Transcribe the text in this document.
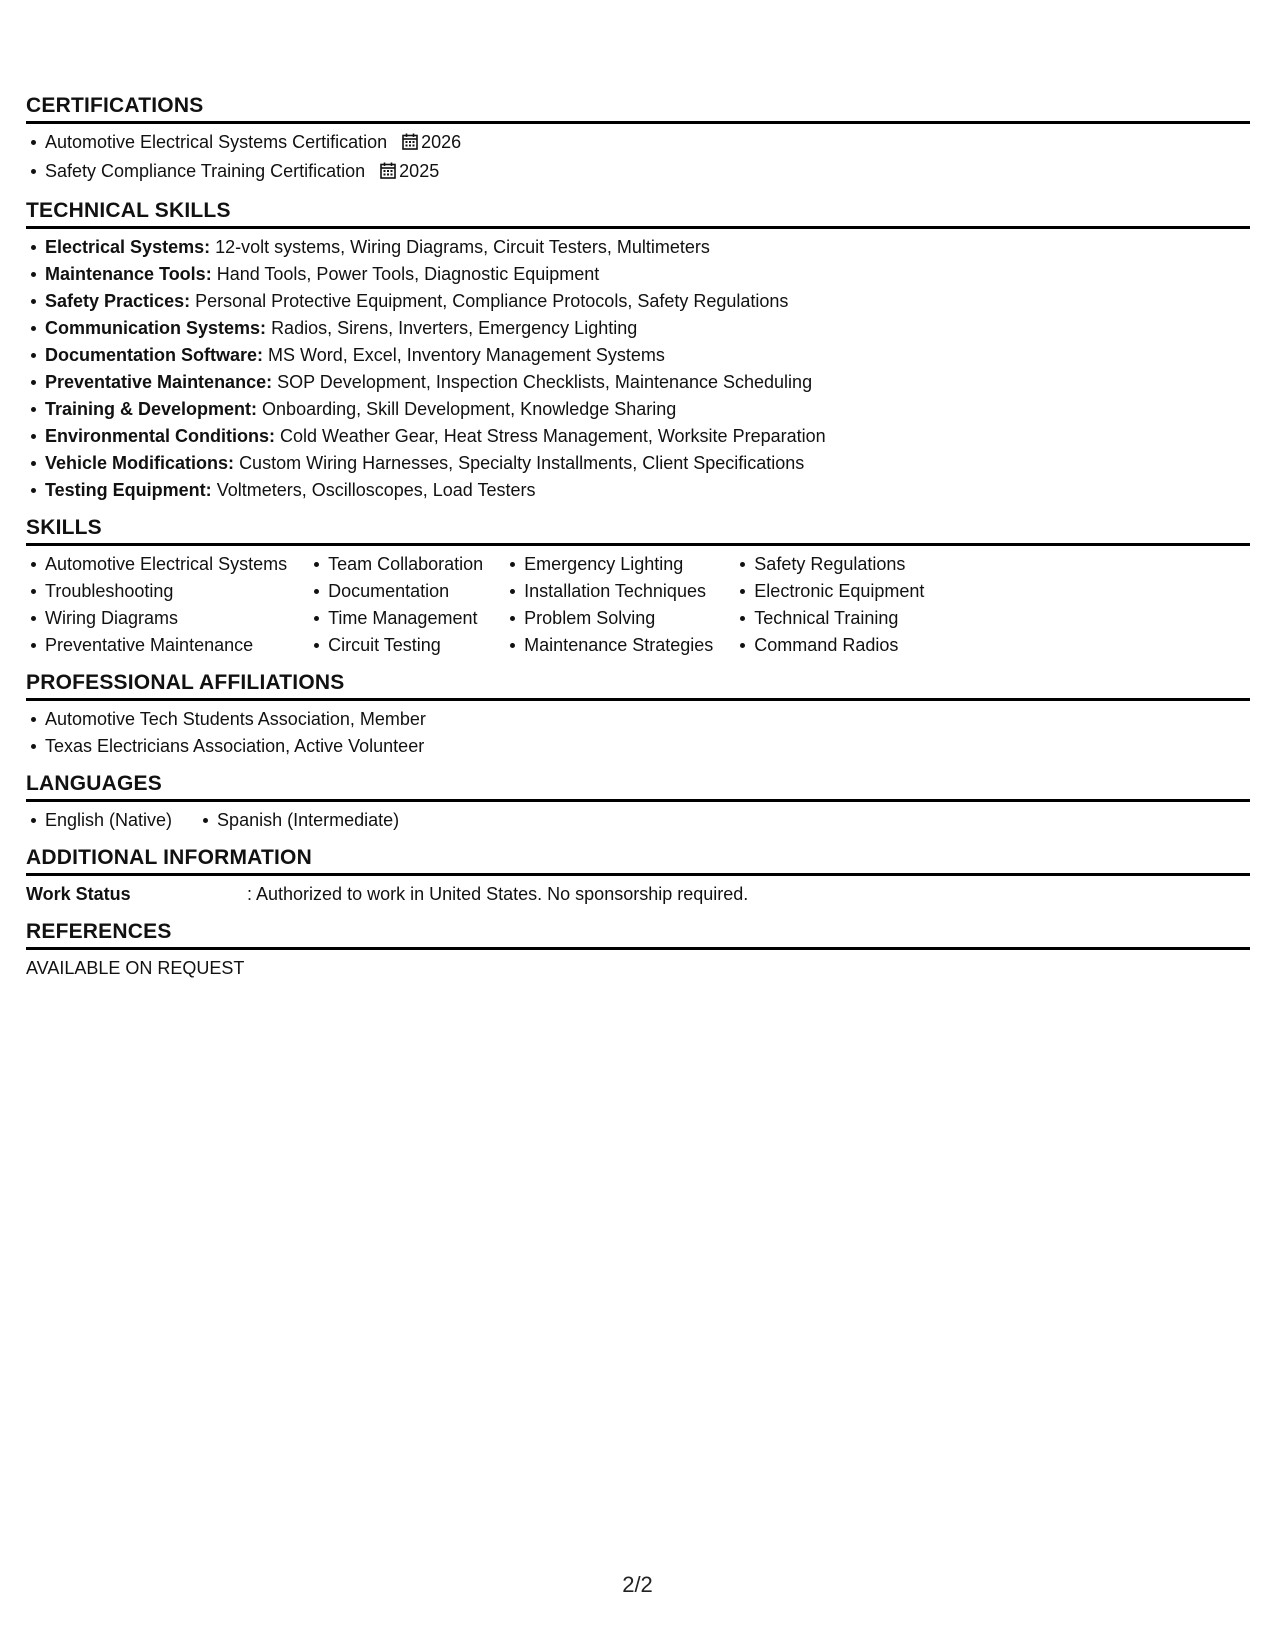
CERTIFICATIONS
Automotive Electrical Systems Certification 2026
Safety Compliance Training Certification 2025
TECHNICAL SKILLS
Electrical Systems: 12-volt systems, Wiring Diagrams, Circuit Testers, Multimeters
Maintenance Tools: Hand Tools, Power Tools, Diagnostic Equipment
Safety Practices: Personal Protective Equipment, Compliance Protocols, Safety Regulations
Communication Systems: Radios, Sirens, Inverters, Emergency Lighting
Documentation Software: MS Word, Excel, Inventory Management Systems
Preventative Maintenance: SOP Development, Inspection Checklists, Maintenance Scheduling
Training & Development: Onboarding, Skill Development, Knowledge Sharing
Environmental Conditions: Cold Weather Gear, Heat Stress Management, Worksite Preparation
Vehicle Modifications: Custom Wiring Harnesses, Specialty Installments, Client Specifications
Testing Equipment: Voltmeters, Oscilloscopes, Load Testers
SKILLS
Automotive Electrical Systems
Troubleshooting
Wiring Diagrams
Preventative Maintenance
Team Collaboration
Documentation
Time Management
Circuit Testing
Emergency Lighting
Installation Techniques
Problem Solving
Maintenance Strategies
Safety Regulations
Electronic Equipment
Technical Training
Command Radios
PROFESSIONAL AFFILIATIONS
Automotive Tech Students Association, Member
Texas Electricians Association, Active Volunteer
LANGUAGES
English (Native)	Spanish (Intermediate)
ADDITIONAL INFORMATION
Work Status	: Authorized to work in United States. No sponsorship required.
REFERENCES
AVAILABLE ON REQUEST
2/2
